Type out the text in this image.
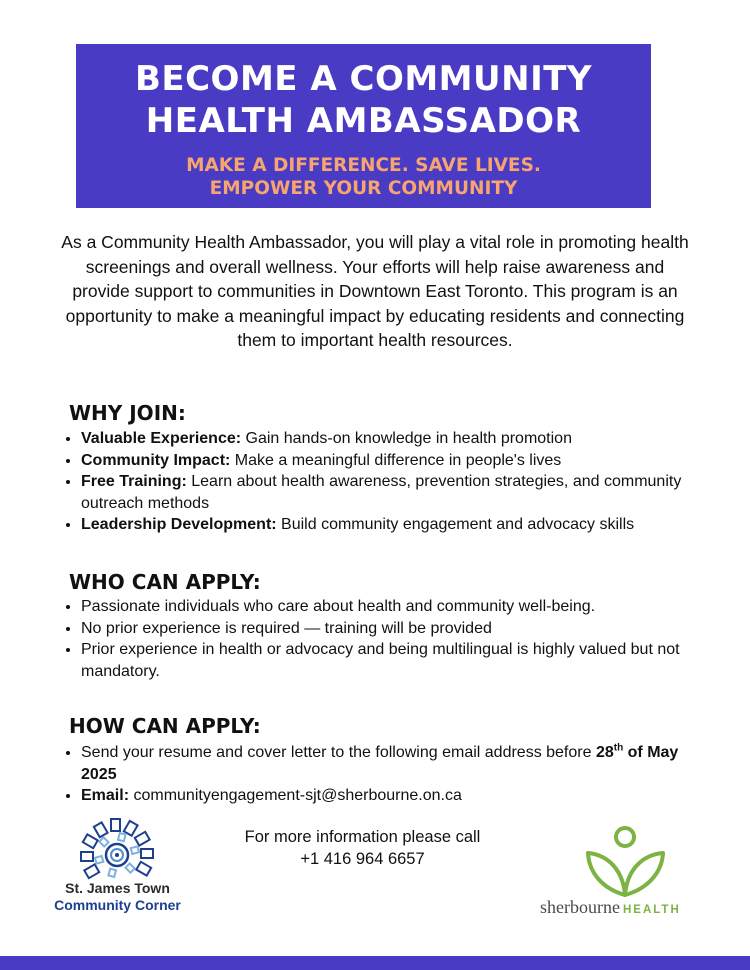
BECOME A COMMUNITY

HEALTH AMBASSADOR

MAKE A DIFFERENCE. SAVE LIVES.
EMPOWER YOUR COMMUNITY

As a Community Health Ambassador, you will play a vital role in promoting health screenings and overall wellness. Your efforts will help raise awareness and provide support to communities in Downtown East Toronto. This program is an opportunity to make a meaningful impact by educating residents and connecting them to important health resources.

WHY JOIN:
• Valuable Experience: Gain hands-on knowledge in health promotion
• Community Impact: Make a meaningful difference in people's lives
• Free Training: Learn about health awareness, prevention strategies, and community outreach methods
• Leadership Development: Build community engagement and advocacy skills
WHO CAN APPLY:
• Passionate individuals who care about health and community well-being.
• No prior experience is required — training will be provided
• Prior experience in health or advocacy and being multilingual is highly valued but not mandatory.
HOW CAN APPLY:
• Send your resume and cover letter to the following email address before 28th of May 2025
• Email: communityengagement-sjt@sherbourne.on.ca
For more information please call
+1 416 964 6657
St. James Town
Community Corner	sherbourne HEALTH
